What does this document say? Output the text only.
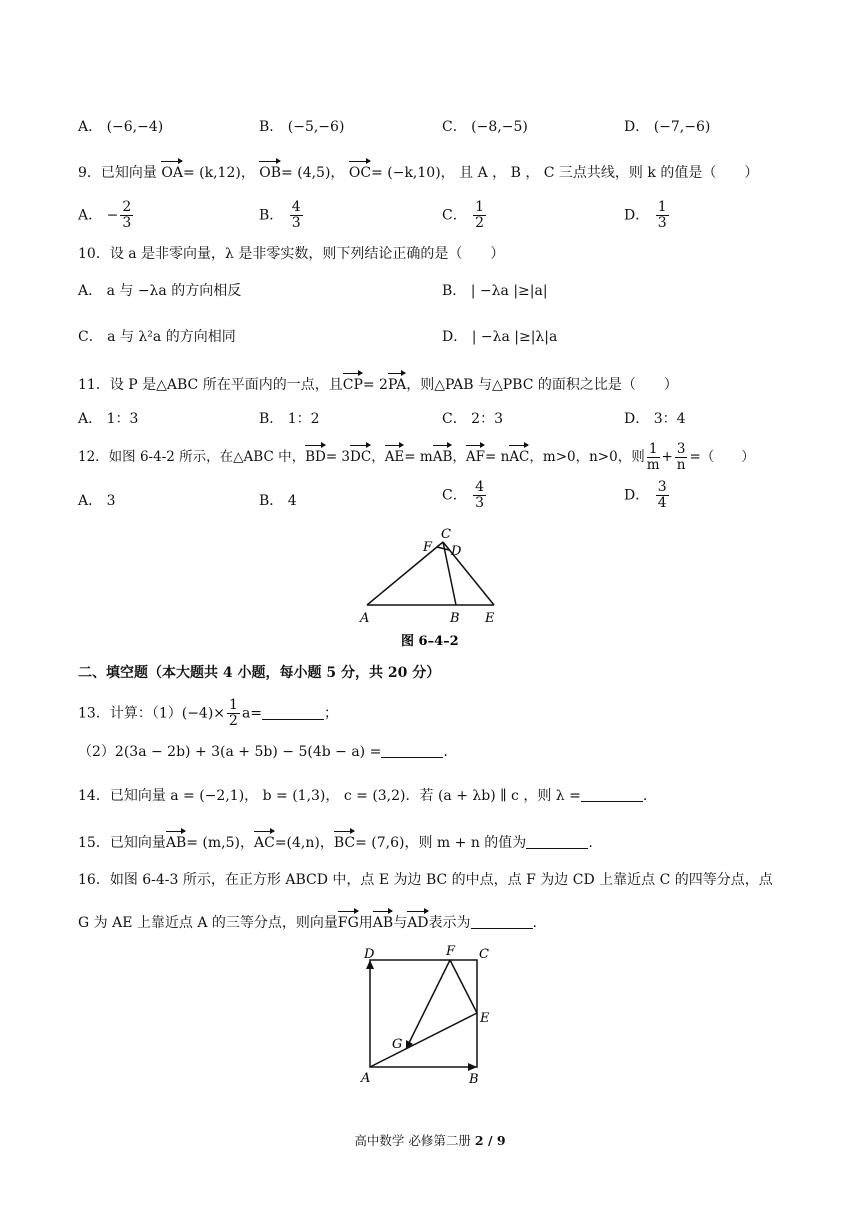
A． (−6,−4)	B． (−5,−6)	C． (−8,−5)	D． (−7,−6)
9．已知向量 OA= (k,12)， OB= (4,5)， OC= (−k,10)， 且 A ， B ， C 三点共线，则 k 的值是（　　）
A． − $\frac{2}{3}$	B． $\frac{4}{3}$	C． $\frac{1}{2}$	D． $\frac{1}{3}$
10．设 a 是非零向量，λ 是非零实数，则下列结论正确的是（　　）
A． a 与 −λa 的方向相反	B． | −λa |≥|a|
C． a 与 λ²a 的方向相同	D． | −λa |≥|λ|a
11．设 P 是△ABC 所在平面内的一点，且CP= 2PA，则△PAB 与△PBC 的面积之比是（　　）
A． 1：3	B． 1：2	C． 2：3	D． 3：4
12．如图 6-4-2 所示，在△ABC 中，BD= 3DC，AE= mAB，AF= nAC，m>0，n>0，则 $\frac{1}{m} + \frac{3}{n}$ =（　　）
A． 3	B． 4	C． $\frac{4}{3}$	D． $\frac{3}{4}$
A	B E
C
F D
图 6–4–2
二、填空题（本大题共 4 小题，每小题 5 分，共 20 分）
13．计算：$(1)(-4)\times \frac{1}{2} a=$	；
（2）2(3a − 2b) + 3(a + 5b) − 5(4b − a) =	.
14．已知向量 a = (−2,1)， b = (1,3)， c = (3,2)．若 (a + λb) ∥ c ，则 λ =	.
15．已知向量AB= (m,5)，AC=(4,n)，BC= (7,6)，则 m + n 的值为	.
16．如图 6-4-3 所示，在正方形 ABCD 中，点 E 为边 BC 的中点，点 F 为边 CD 上靠近点 C 的四等分点，点
G 为 AE 上靠近点 A 的三等分点，则向量FG用AB与AD表示为	.
A	B
C
D
E
F
G
高中数学 必修第二册 2 / 9
